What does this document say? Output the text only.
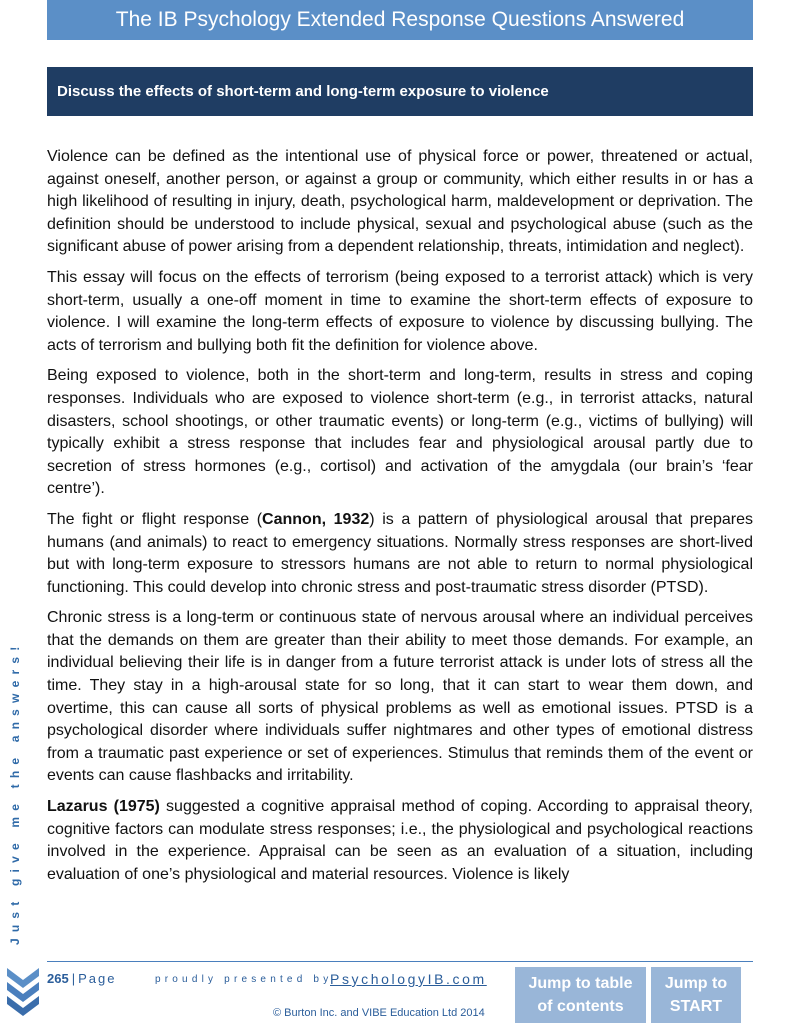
The IB Psychology Extended Response Questions Answered
Discuss the effects of short-term and long-term exposure to violence

Violence can be defined as the intentional use of physical force or power, threatened or actual, against oneself, another person, or against a group or community, which either results in or has a high likelihood of resulting in injury, death, psychological harm, maldevelopment or deprivation. The definition should be understood to include physical, sexual and psychological abuse (such as the significant abuse of power arising from a dependent relationship, threats, intimidation and neglect).

This essay will focus on the effects of terrorism (being exposed to a terrorist attack) which is very short-term, usually a one-off moment in time to examine the short-term effects of exposure to violence. I will examine the long-term effects of exposure to violence by discussing bullying. The acts of terrorism and bullying both fit the definition for violence above.

Being exposed to violence, both in the short-term and long-term, results in stress and coping responses. Individuals who are exposed to violence short-term (e.g., in terrorist attacks, natural disasters, school shootings, or other traumatic events) or long-term (e.g., victims of bullying) will typically exhibit a stress response that includes fear and physiological arousal partly due to secretion of stress hormones (e.g., cortisol) and activation of the amygdala (our brain’s ‘fear centre’).

The fight or flight response (Cannon, 1932) is a pattern of physiological arousal that prepares humans (and animals) to react to emergency situations. Normally stress responses are short-lived but with long-term exposure to stressors humans are not able to return to normal physiological functioning. This could develop into chronic stress and post-traumatic stress disorder (PTSD).

Chronic stress is a long-term or continuous state of nervous arousal where an individual perceives that the demands on them are greater than their ability to meet those demands. For example, an individual believing their life is in danger from a future terrorist attack is under lots of stress all the time. They stay in a high-arousal state for so long, that it can start to wear them down, and overtime, this can cause all sorts of physical problems as well as emotional issues. PTSD is a psychological disorder where individuals suffer nightmares and other types of emotional distress from a traumatic past experience or set of experiences. Stimulus that reminds them of the event or events can cause flashbacks and irritability.

Lazarus (1975) suggested a cognitive appraisal method of coping. According to appraisal theory, cognitive factors can modulate stress responses; i.e., the physiological and psychological reactions involved in the experience. Appraisal can be seen as an evaluation of a situation, including evaluation of one’s physiological and material resources. Violence is likely

Just give me the answers!
265 | Page	proudly presented by
PsychologyIB.com
© Burton Inc. and VIBE Education Ltd 2014
Jump to table
of contents
Jump to
START
